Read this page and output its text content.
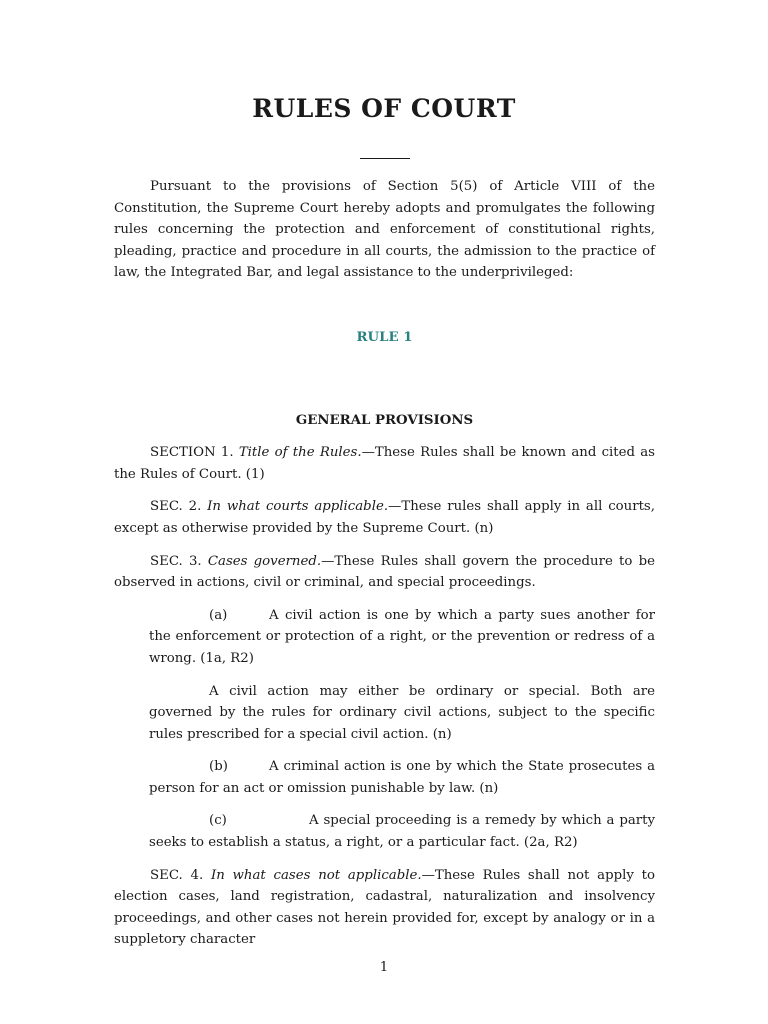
RULES OF COURT

Pursuant to the provisions of Section 5(5) of Article VIII of the Constitution, the Supreme Court hereby adopts and promulgates the following rules concerning the protection and enforcement of constitutional rights, pleading, practice and procedure in all courts, the admission to the practice of law, the Integrated Bar, and legal assistance to the underprivileged:

RULE 1

GENERAL PROVISIONS

SECTION 1. Title of the Rules.—These Rules shall be known and cited as the Rules of Court. (1)

SEC. 2. In what courts applicable.—These rules shall apply in all courts, except as otherwise provided by the Supreme Court. (n)

SEC. 3. Cases governed.—These Rules shall govern the procedure to be observed in actions, civil or criminal, and special proceedings.

(a)	A civil action is one by which a party sues another for the enforcement or protection of a right, or the prevention or redress of a wrong. (1a, R2)

A civil action may either be ordinary or special. Both are governed by the rules for ordinary civil actions, subject to the specific rules prescribed for a special civil action. (n)

(b)	A criminal action is one by which the State prosecutes a person for an act or omission punishable by law. (n)

(c)	A special proceeding is a remedy by which a party seeks to establish a status, a right, or a particular fact. (2a, R2)

SEC. 4. In what cases not applicable.—These Rules shall not apply to election cases, land registration, cadastral, naturalization and insolvency proceedings, and other cases not herein provided for, except by analogy or in a suppletory character

1
